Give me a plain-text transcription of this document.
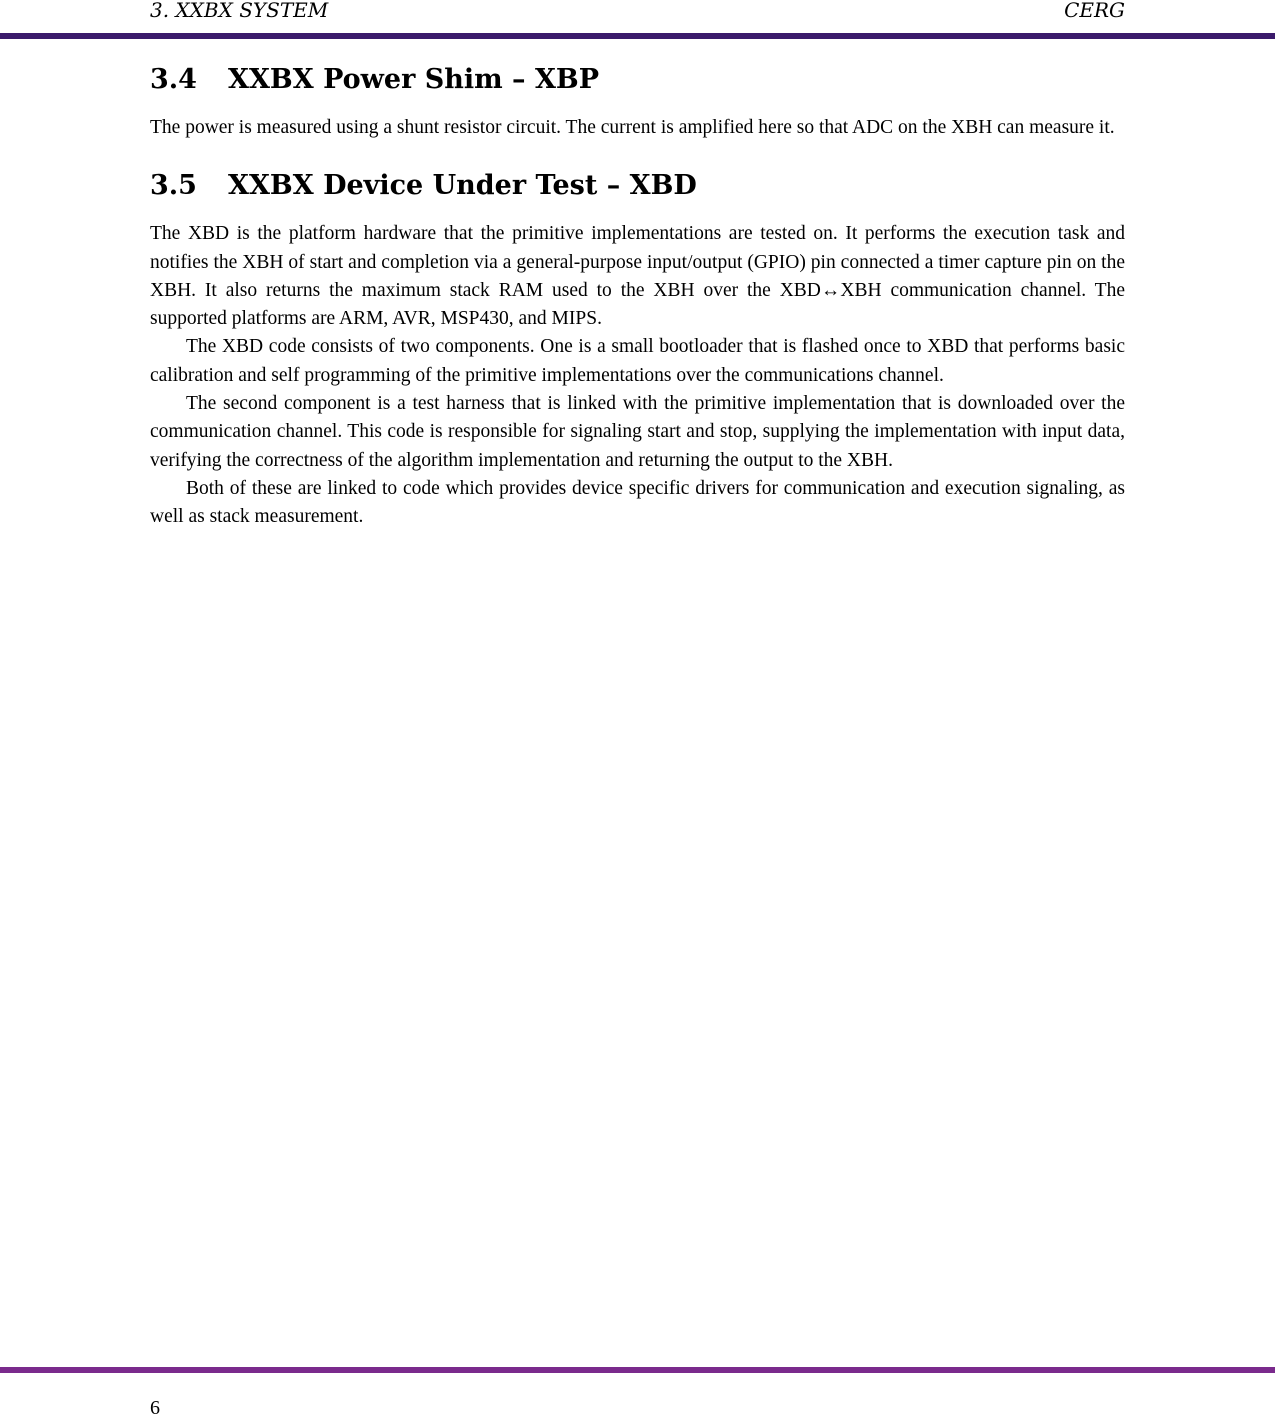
3. XXBX SYSTEM	CERG
3.4 XXBX Power Shim – XBP

The power is measured using a shunt resistor circuit. The current is amplified here so that ADC on the XBH can measure it.

3.5 XXBX Device Under Test – XBD

The XBD is the platform hardware that the primitive implementations are tested on. It performs the execution task and notifies the XBH of start and completion via a general-purpose input/output (GPIO) pin connected a timer capture pin on the XBH. It also returns the maximum stack RAM used to the XBH over the XBD↔XBH communication channel. The supported platforms are ARM, AVR, MSP430, and MIPS.

The XBD code consists of two components. One is a small bootloader that is flashed once to XBD that performs basic calibration and self programming of the primitive implementations over the communications channel.

The second component is a test harness that is linked with the primitive implementation that is downloaded over the communication channel. This code is responsible for signaling start and stop, supplying the implementation with input data, verifying the correctness of the algorithm implementation and returning the output to the XBH.

Both of these are linked to code which provides device specific drivers for communication and execution signaling, as well as stack measurement.

6
